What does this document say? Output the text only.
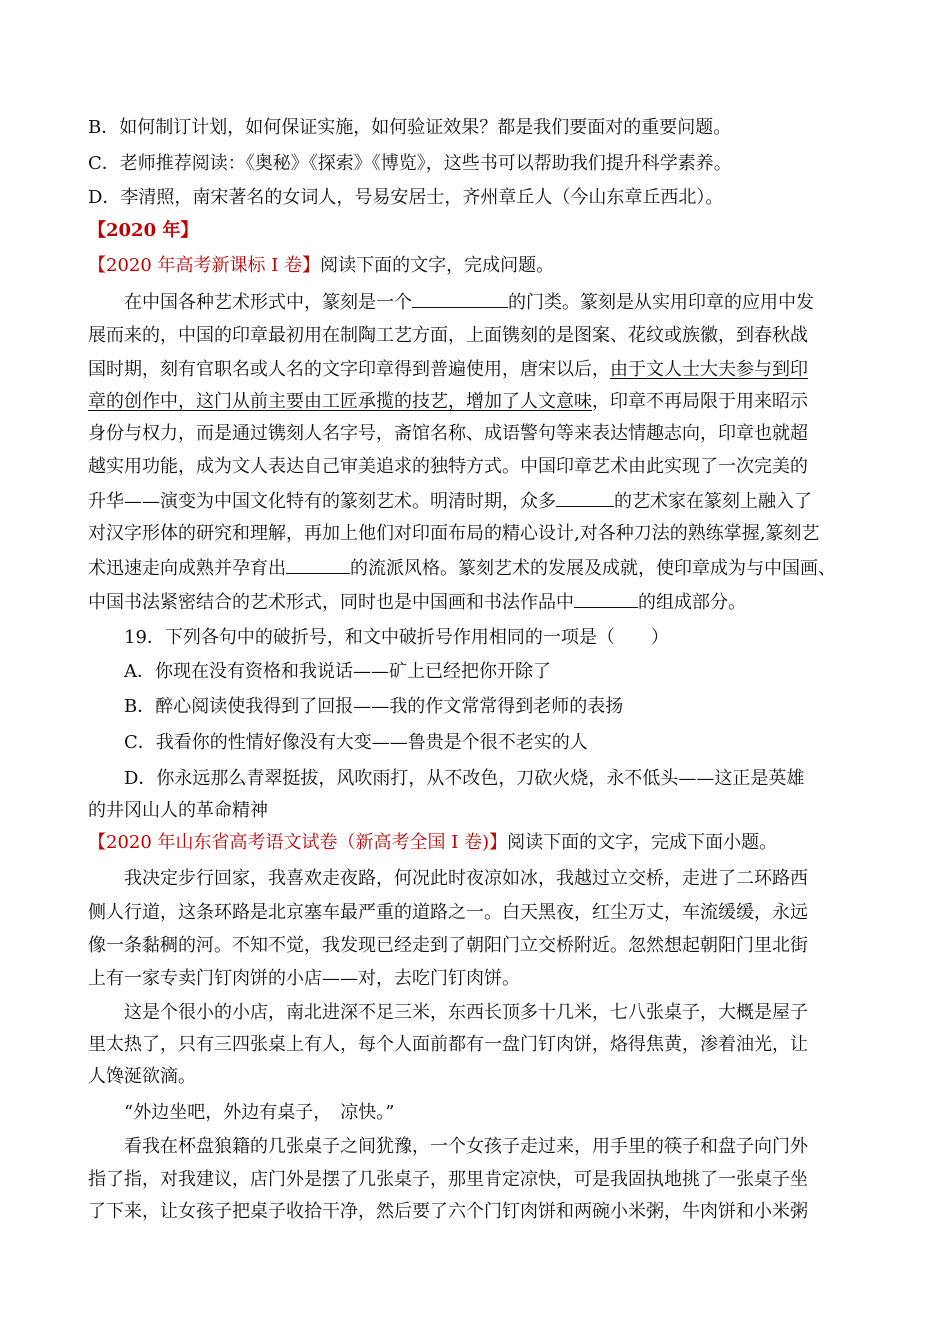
B．如何制订计划，如何保证实施，如何验证效果？都是我们要面对的重要问题。
C．老师推荐阅读：《奥秘》《探索》《博览》，这些书可以帮助我们提升科学素养。
D．李清照，南宋著名的女词人，号易安居士，齐州章丘人（今山东章丘西北）。
【2020 年】
【2020 年高考新课标 I 卷】阅读下面的文字，完成问题。
在中国各种艺术形式中，篆刻是一个	的门类。篆刻是从实用印章的应用中发
展而来的，中国的印章最初用在制陶工艺方面，上面镌刻的是图案、花纹或族徽，到春秋战
国时期，刻有官职名或人名的文字印章得到普遍使用，唐宋以后，由于文人士大夫参与到印
章的创作中，这门从前主要由工匠承揽的技艺，增加了人文意味，印章不再局限于用来昭示
身份与权力，而是通过镌刻人名字号，斋馆名称、成语警句等来表达情趣志向，印章也就超
越实用功能，成为文人表达自己审美追求的独特方式。中国印章艺术由此实现了一次完美的
升华——演变为中国文化特有的篆刻艺术。明清时期，众多	的艺术家在篆刻上融入了
对汉字形体的研究和理解，再加上他们对印面布局的精心设计,对各种刀法的熟练掌握,篆刻艺
术迅速走向成熟并孕育出	的流派风格。篆刻艺术的发展及成就，使印章成为与中国画、
中国书法紧密结合的艺术形式，同时也是中国画和书法作品中	的组成部分。
19．下列各句中的破折号，和文中破折号作用相同的一项是（　　）
A．你现在没有资格和我说话——矿上已经把你开除了
B．醉心阅读使我得到了回报——我的作文常常得到老师的表扬
C．我看你的性情好像没有大变——鲁贵是个很不老实的人
D．你永远那么青翠挺拔，风吹雨打，从不改色，刀砍火烧，永不低头——这正是英雄
的井冈山人的革命精神
【2020 年山东省高考语文试卷（新高考全国 I 卷)】阅读下面的文字，完成下面小题。
我决定步行回家，我喜欢走夜路，何况此时夜凉如冰，我越过立交桥，走进了二环路西
侧人行道，这条环路是北京塞车最严重的道路之一。白天黑夜，红尘万丈，车流缓缓，永远
像一条黏稠的河。不知不觉，我发现已经走到了朝阳门立交桥附近。忽然想起朝阳门里北街
上有一家专卖门钉肉饼的小店——对，去吃门钉肉饼。
这是个很小的小店，南北进深不足三米，东西长顶多十几米，七八张桌子，大概是屋子
里太热了，只有三四张桌上有人，每个人面前都有一盘门钉肉饼，烙得焦黄，渗着油光，让
人馋涎欲滴。
“外边坐吧，外边有桌子，　凉快。”
看我在杯盘狼籍的几张桌子之间犹豫，一个女孩子走过来，用手里的筷子和盘子向门外
指了指，对我建议，店门外是摆了几张桌子，那里肯定凉快，可是我固执地挑了一张桌子坐
了下来，让女孩子把桌子收拾干净，然后要了六个门钉肉饼和两碗小米粥，牛肉饼和小米粥
